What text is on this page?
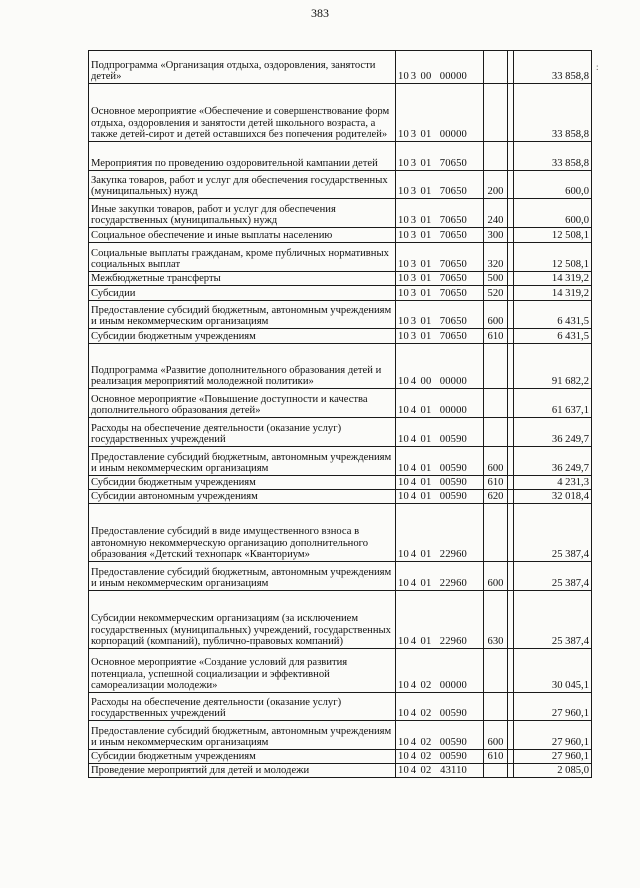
383
:
Подпрограмма «Организация отдыха, оздоровления, занятости детей»	10 3 00 00000			33 858,8
Основное мероприятие «Обеспечение и совершенствование форм отдыха, оздоровления и занятости детей школьного возраста, а также детей-сирот и детей оставшихся без попечения родителей»	10 3 01 00000			33 858,8
Мероприятия по проведению оздоровительной кампании детей	10 3 01 70650			33 858,8
Закупка товаров, работ и услуг для обеспечения государственных (муниципальных) нужд	10 3 01 70650	200		600,0
Иные закупки товаров, работ и услуг для обеспечения государственных (муниципальных) нужд	10 3 01 70650	240		600,0
Социальное обеспечение и иные выплаты населению	10 3 01 70650	300		12 508,1
Социальные выплаты гражданам, кроме публичных нормативных социальных выплат	10 3 01 70650	320		12 508,1
Межбюджетные трансферты	10 3 01 70650	500		14 319,2
Субсидии	10 3 01 70650	520		14 319,2
Предоставление субсидий бюджетным, автономным учреждениям и иным некоммерческим организациям	10 3 01 70650	600		6 431,5
Субсидии бюджетным учреждениям	10 3 01 70650	610		6 431,5
Подпрограмма «Развитие дополнительного образования детей и реализация мероприятий молодежной политики»	10 4 00 00000			91 682,2
Основное мероприятие «Повышение доступности и качества дополнительного образования детей»	10 4 01 00000			61 637,1
Расходы на обеспечение деятельности (оказание услуг) государственных учреждений	10 4 01 00590			36 249,7
Предоставление субсидий бюджетным, автономным учреждениям и иным некоммерческим организациям	10 4 01 00590	600		36 249,7
Субсидии бюджетным учреждениям	10 4 01 00590	610		4 231,3
Субсидии автономным учреждениям	10 4 01 00590	620		32 018,4
Предоставление субсидий в виде имущественного взноса в автономную некоммерческую организацию дополнительного образования «Детский технопарк «Кванториум»	10 4 01 22960			25 387,4
Предоставление субсидий бюджетным, автономным учреждениям и иным некоммерческим организациям	10 4 01 22960	600		25 387,4
Субсидии некоммерческим организациям (за исключением государственных (муниципальных) учреждений, государственных корпораций (компаний), публично-правовых компаний)	10 4 01 22960	630		25 387,4
Основное мероприятие «Создание условий для развития потенциала, успешной социализации и эффективной самореализации молодежи»	10 4 02 00000			30 045,1
Расходы на обеспечение деятельности (оказание услуг) государственных учреждений	10 4 02 00590			27 960,1
Предоставление субсидий бюджетным, автономным учреждениям и иным некоммерческим организациям	10 4 02 00590	600		27 960,1
Субсидии бюджетным учреждениям	10 4 02 00590	610		27 960,1
Проведение мероприятий для детей и молодежи	10 4 02 43110			2 085,0
